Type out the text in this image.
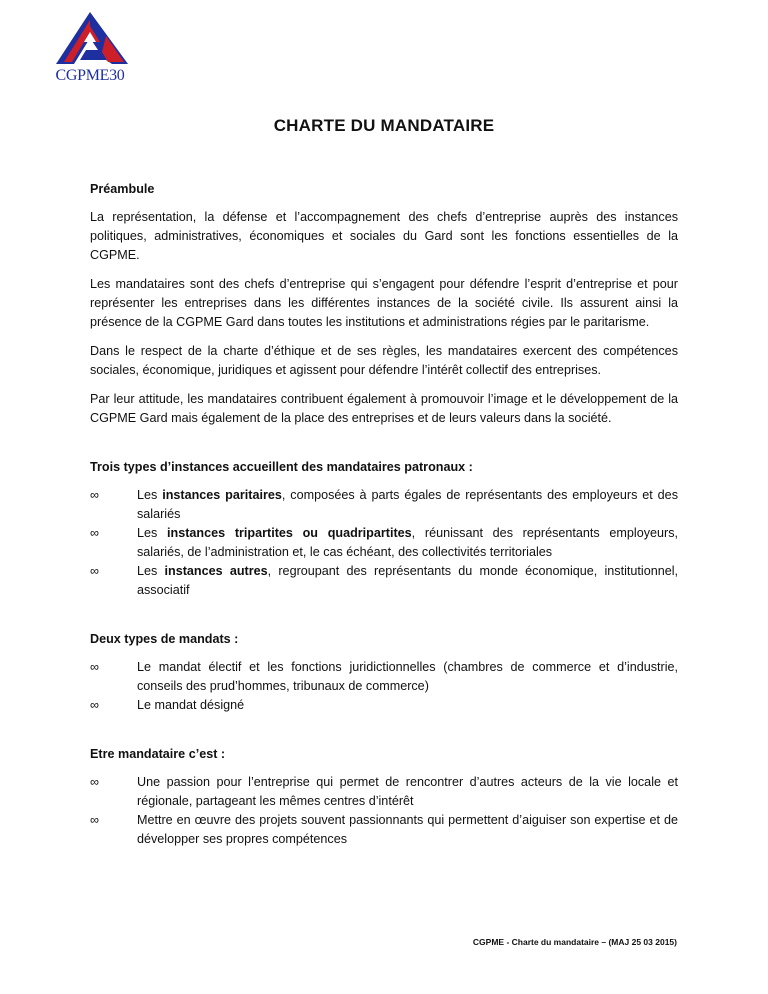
CGPME30
CHARTE DU MANDATAIRE
Préambule

La représentation, la défense et l’accompagnement des chefs d’entreprise auprès des instances politiques, administratives, économiques et sociales du Gard sont les fonctions essentielles de la CGPME.

Les mandataires sont des chefs d’entreprise qui s’engagent pour défendre l’esprit d’entreprise et pour représenter les entreprises dans les différentes instances de la société civile. Ils assurent ainsi la présence de la CGPME Gard dans toutes les institutions et administrations régies par le paritarisme.

Dans le respect de la charte d’éthique et de ses règles, les mandataires exercent des compétences sociales, économique, juridiques et agissent pour défendre l’intérêt collectif des entreprises.

Par leur attitude, les mandataires contribuent également à promouvoir l’image et le développement de la CGPME Gard mais également de la place des entreprises et de leurs valeurs dans la société.

Trois types d’instances accueillent des mandataires patronaux :
∞	Les instances paritaires, composées à parts égales de représentants des employeurs et des salariés
∞	Les instances tripartites ou quadripartites, réunissant des représentants employeurs, salariés, de l’administration et, le cas échéant, des collectivités territoriales
∞	Les instances autres, regroupant des représentants du monde économique, institutionnel, associatif
Deux types de mandats :
∞	Le mandat électif et les fonctions juridictionnelles (chambres de commerce et d’industrie, conseils des prud’hommes, tribunaux de commerce)
∞	Le mandat désigné
Etre mandataire c’est :
∞	Une passion pour l’entreprise qui permet de rencontrer d’autres acteurs de la vie locale et régionale, partageant les mêmes centres d’intérêt
∞	Mettre en œuvre des projets souvent passionnants qui permettent d’aiguiser son expertise et de développer ses propres compétences
CGPME - Charte du mandataire – (MAJ 25 03 2015)
